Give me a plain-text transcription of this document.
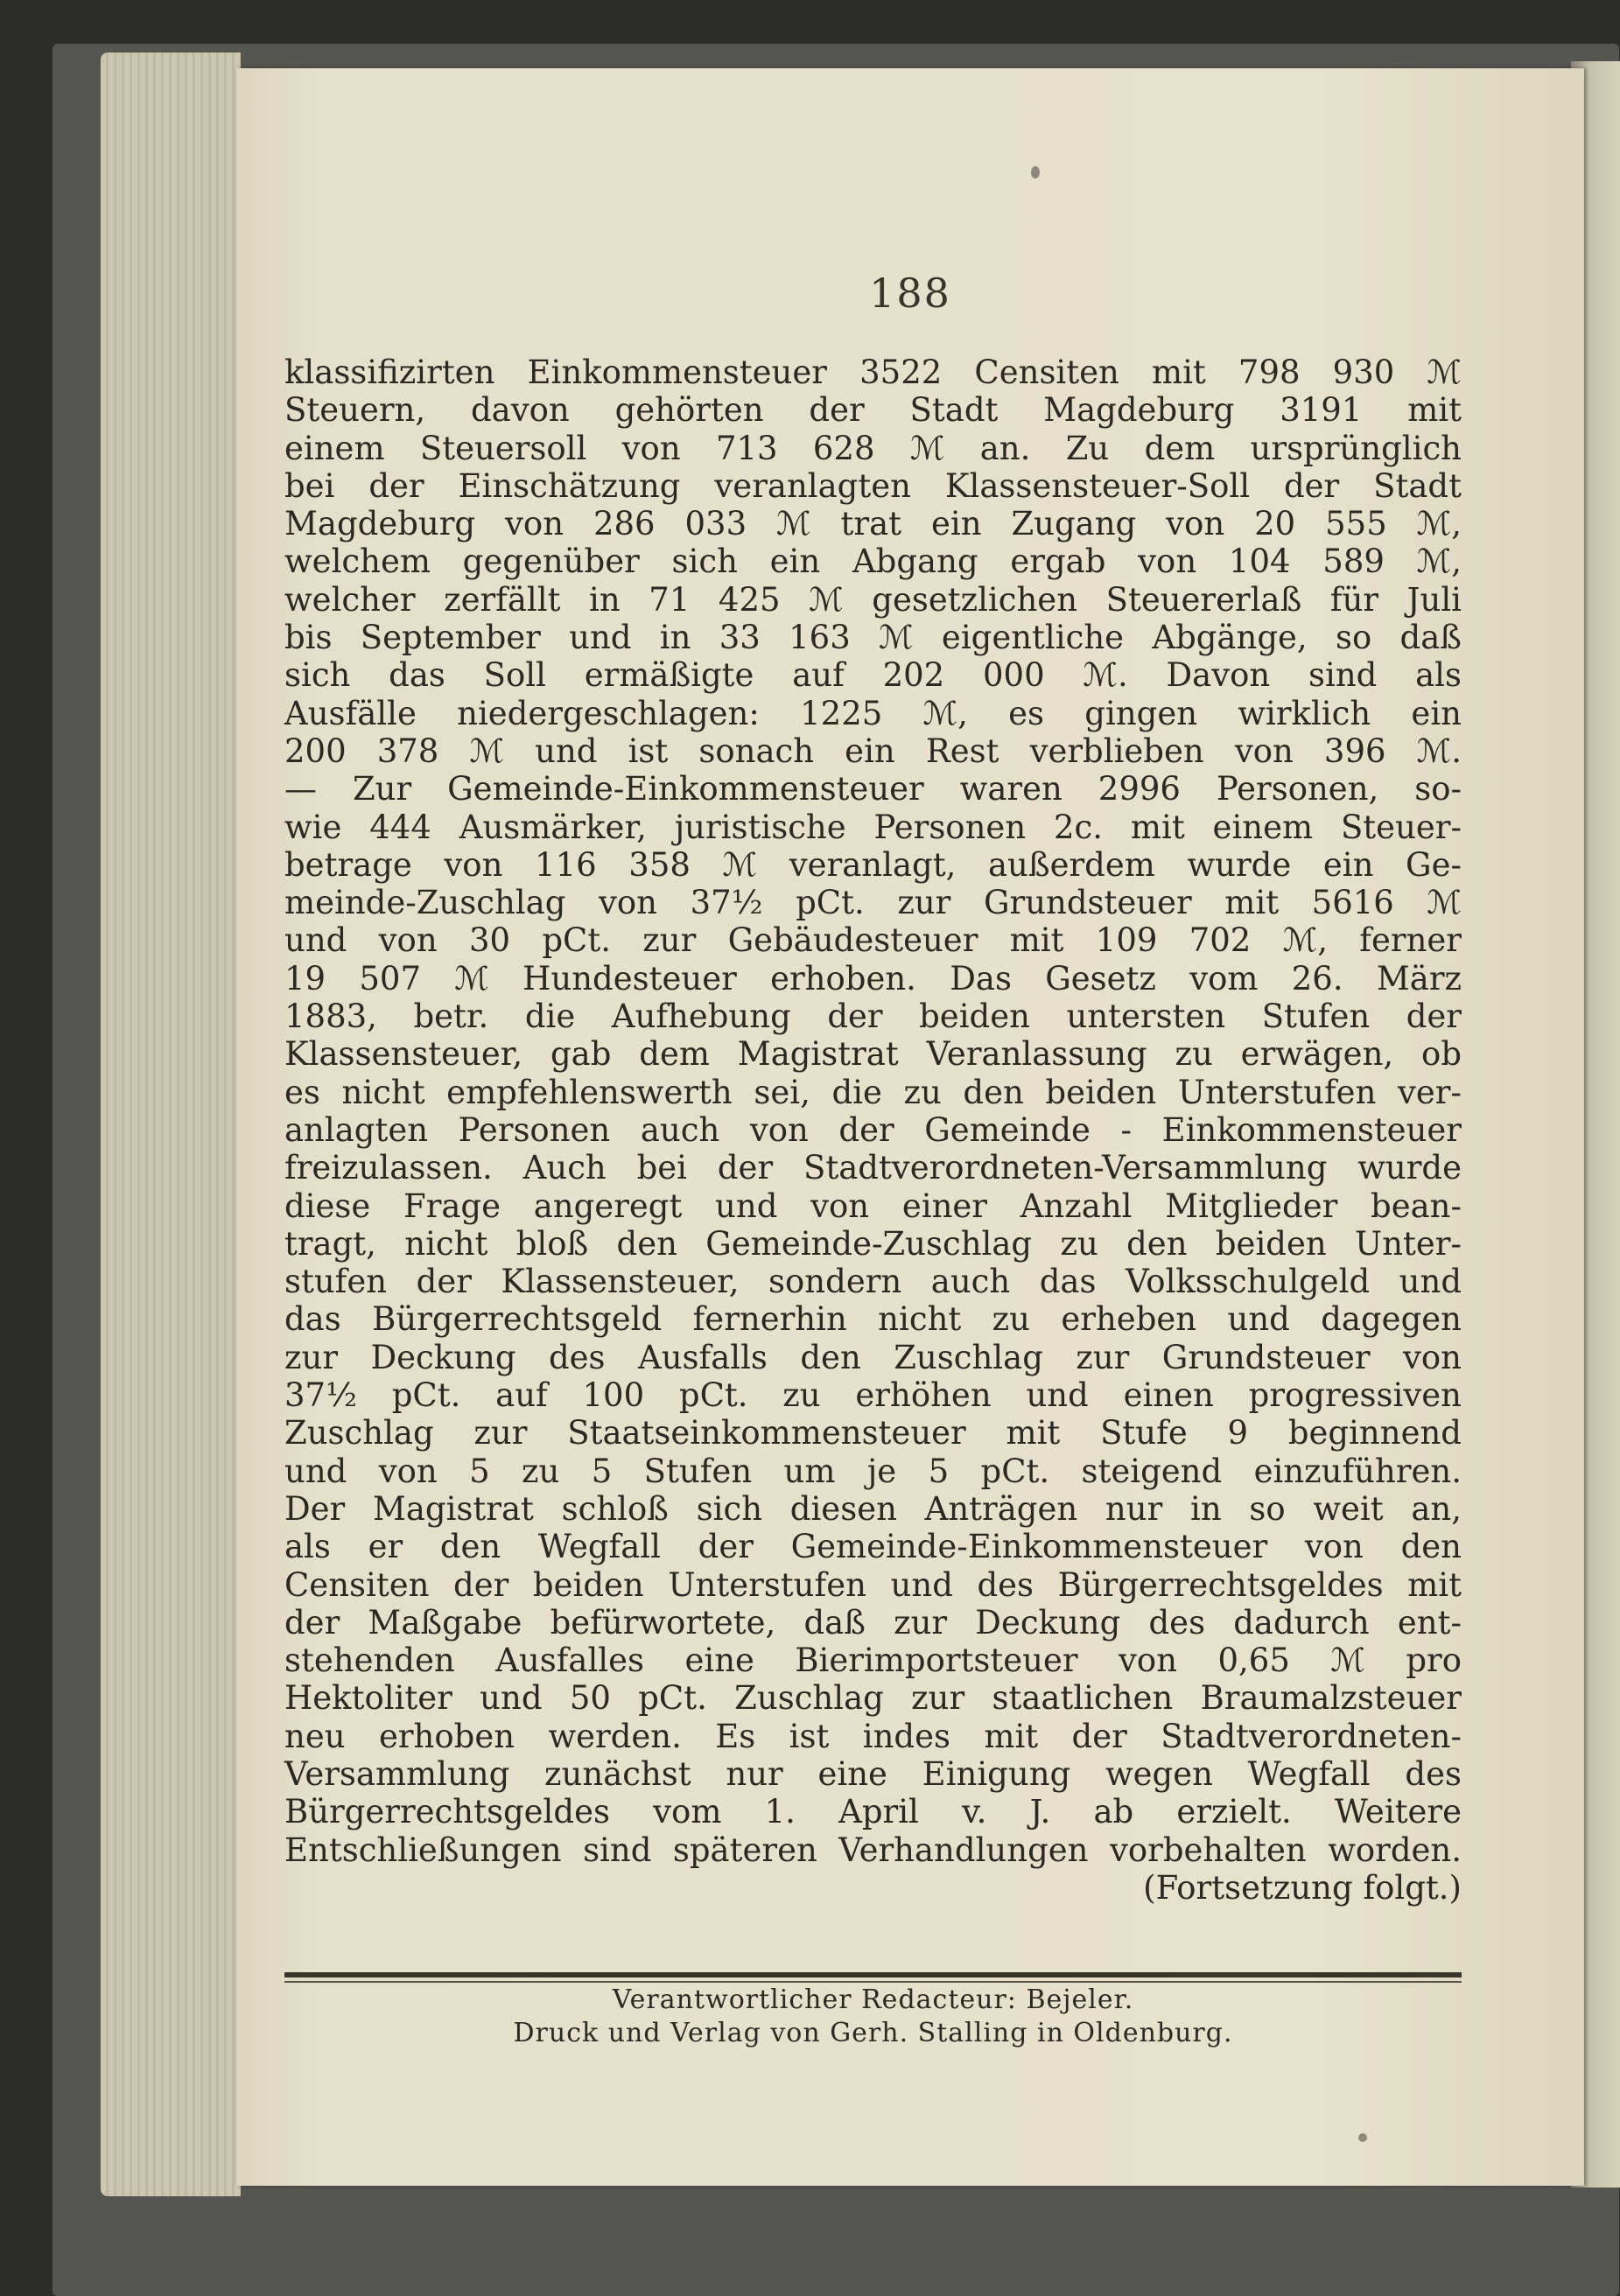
188
klassifizirten Einkommensteuer 3522 Censiten mit 798 930 ℳ
Steuern, davon gehörten der Stadt Magdeburg 3191 mit
einem Steuersoll von 713 628 ℳ an. Zu dem ursprünglich
bei der Einschätzung veranlagten Klassensteuer-Soll der Stadt
Magdeburg von 286 033 ℳ trat ein Zugang von 20 555 ℳ,
welchem gegenüber sich ein Abgang ergab von 104 589 ℳ,
welcher zerfällt in 71 425 ℳ gesetzlichen Steuererlaß für Juli
bis September und in 33 163 ℳ eigentliche Abgänge, so daß
sich das Soll ermäßigte auf 202 000 ℳ. Davon sind als
Ausfälle niedergeschlagen: 1225 ℳ, es gingen wirklich ein
200 378 ℳ und ist sonach ein Rest verblieben von 396 ℳ.
— Zur Gemeinde-Einkommensteuer waren 2996 Personen, so-
wie 444 Ausmärker, juristische Personen 2c. mit einem Steuer-
betrage von 116 358 ℳ veranlagt, außerdem wurde ein Ge-
meinde-Zuschlag von 37½ pCt. zur Grundsteuer mit 5616 ℳ
und von 30 pCt. zur Gebäudesteuer mit 109 702 ℳ, ferner
19 507 ℳ Hundesteuer erhoben. Das Gesetz vom 26. März
1883, betr. die Aufhebung der beiden untersten Stufen der
Klassensteuer, gab dem Magistrat Veranlassung zu erwägen, ob
es nicht empfehlenswerth sei, die zu den beiden Unterstufen ver-
anlagten Personen auch von der Gemeinde - Einkommensteuer
freizulassen. Auch bei der Stadtverordneten-Versammlung wurde
diese Frage angeregt und von einer Anzahl Mitglieder bean-
tragt, nicht bloß den Gemeinde-Zuschlag zu den beiden Unter-
stufen der Klassensteuer, sondern auch das Volksschulgeld und
das Bürgerrechtsgeld fernerhin nicht zu erheben und dagegen
zur Deckung des Ausfalls den Zuschlag zur Grundsteuer von
37½ pCt. auf 100 pCt. zu erhöhen und einen progressiven
Zuschlag zur Staatseinkommensteuer mit Stufe 9 beginnend
und von 5 zu 5 Stufen um je 5 pCt. steigend einzuführen.
Der Magistrat schloß sich diesen Anträgen nur in so weit an,
als er den Wegfall der Gemeinde-Einkommensteuer von den
Censiten der beiden Unterstufen und des Bürgerrechtsgeldes mit
der Maßgabe befürwortete, daß zur Deckung des dadurch ent-
stehenden Ausfalles eine Bierimportsteuer von 0,65 ℳ pro
Hektoliter und 50 pCt. Zuschlag zur staatlichen Braumalzsteuer
neu erhoben werden. Es ist indes mit der Stadtverordneten-
Versammlung zunächst nur eine Einigung wegen Wegfall des
Bürgerrechtsgeldes vom 1. April v. J. ab erzielt. Weitere
Entschließungen sind späteren Verhandlungen vorbehalten worden.
(Fortsetzung folgt.)
Verantwortlicher Redacteur: Bejeler.
Druck und Verlag von Gerh. Stalling in Oldenburg.
